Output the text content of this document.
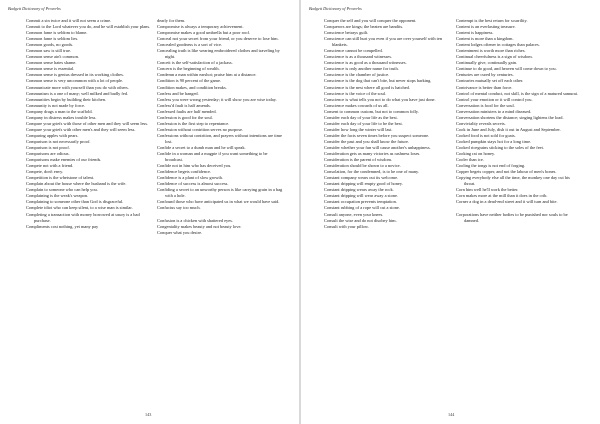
Badgett Dictionary of Proverbs

Commit a sin twice and it will not seem a crime.

Commit to the Lord whatever you do, and he will establish your plans.

Common fame is seldom to blame.

Common fame is seldom lies.

Common goods, no goods.

Common saw is still true.

Common sense ain't common.

Common sense hates shame.

Common sense is essential.

Common sense is genius dressed in its working clothes.

Common sense is very uncommon with a lot of people.

Communicate more with yourself than you do with others.

Communism is a one of many; well milked and badly fed.

Communities begin by building their kitchen.

Community is not made by force.

Company drags a man to the scaffold.

Company in distress makes trouble less.

Compare your griefs with those of other men and they will seem less.

Compare your griefs with other men's and they will seem less.

Comparing apples with pears.

Comparison is not necessarily proof.

Comparison is not proof.

Comparisons are odious.

Comparisons make enemies of our friends.

Compete not with a friend.

Compete, don't envy.

Competition is the whetstone of talent.

Complain about the house where the husband is the wife.

Complain to someone who can help you.

Complaining is the weak's weapon.

Complaining to someone other than God is disgraceful.

Complete idiot who can keep silent, to a wise man is similar.

Completing a transaction with money borrowed at usury is a bad purchase.

Compliments cost nothing, yet many pay

dearly for them.

Compromise is always a temporary achievement.

Compromise makes a good umbrella but a poor roof.

Conceal not your secret from your friend, or you deserve to lose him.

Concealed goodness is a sort of vice.

Concealing truth is like wearing embroidered clothes and traveling by night.

Conceit is the self-satisfaction of a jackass.

Concern is the beginning of wealth.

Condemn a man within earshot; praise him at a distance.

Condition is 90 percent of the game.

Condition makes, and condition breaks.

Confess and be hanged.

Confess you were wrong yesterday; it will show you are wise today.

Confess'd fault is half amends.

Confessed faults are half mended.

Confession is good for the soul.

Confession is the first step to repentance.

Confession without contrition serves no purpose.

Confessions without contrition, and prayers without intentions are time lost.

Confide a secret to a dumb man and he will speak.

Confide in a woman and a magpie if you want something to be broadcast.

Confide not in him who has deceived you.

Confidence begets confidence.

Confidence is a plant of slow growth.

Confidence of success is almost success.

Confiding a secret to an unworthy person is like carrying grain in a bag with a hole.

Confound those who have anticipated us in what we would have said.

Confucius say too much.

Confusion is a chicken with shattered eyes.

Congeniality makes beauty and not beauty love.

Conquer what you desire.

143
Badgett Dictionary of Proverbs

Conquer the self and you will conquer the opponent.

Conquerors are kings; the beaten are bandits.

Conscience betrays guilt.

Conscience can still hurt you even if you are over yourself with ten blankets.

Conscience cannot be compelled.

Conscience is as a thousand witnesses.

Conscience is as good as a thousand witnesses.

Conscience is only another name for truth.

Conscience is the chamber of justice.

Conscience is the dog that can't bite, but never stops barking.

Conscience is the nest where all good is hatched.

Conscience is the voice of the soul.

Conscience is what tells you not to do what you have just done.

Conscience makes cowards of us all.

Consent to common custom, but not to common folly.

Consider each day of your life as the best.

Consider each day of your life to be the best.

Consider how long the winter will last.

Consider the facts seven times before you suspect someone.

Consider the past and you shall know the future.

Consider whether your fun will cause another's unhappiness.

Consideration gets as many victories as rashness loses.

Consideration is the parent of wisdom.

Consideration should be shown to a novice.

Consolation, for the condemned, is to be one of many.

Constant company wears out its welcome.

Constant dripping will empty good of honey.

Constant dripping wears away the rock.

Constant dripping will wear away a stone.

Constant occupation prevents temptation.

Constant rubbing of a rope will cut a stone.

Consult anyone, even your knees.

Consult the wise and do not disobey him.

Consult with your pillow.

Contempt is the best return for scurrility.

Content is an everlasting treasure.

Content is happiness.

Content is more than a kingdom.

Content lodges oftener in cottages than palaces.

Contentment is worth more than riches.

Continual cheerfulness is a sign of wisdom.

Continually give, continually gain.

Continue to do good, and heaven will come down to you.

Centuries are cured by centuries.

Contraries mutually set off each other.

Contrivance is better than force.

Control of mental conduct, not skill, is the sign of a matured samurai.

Control your emotion or it will control you.

Conversation is food for the soul.

Conversation ministers to a mind diseased.

Conversation shortens the distance; singing lightens the load.

Conviviality reveals secrets.

Cook in June and July, dish it out in August and September.

Cooked food is not sold for goats.

Cooked pumpkin stays hot for a long time.

Cooked ricegrains sticking to the soles of the feet.

Cooking rat on honey.

Cooler than ice.

Cooling the tongs is not end of forging.

Copper begets copper, and not the labour of men's bones.

Copying everybody else all the time, the monkey one day cut his throat.

Corn him well he'll work the better.

Corn makes more at the mill than it does in the crib.

Corner a dog in a dead-end street and it will turn and bite.

Corporations have neither bodies to be punished nor souls to be damned.

144
